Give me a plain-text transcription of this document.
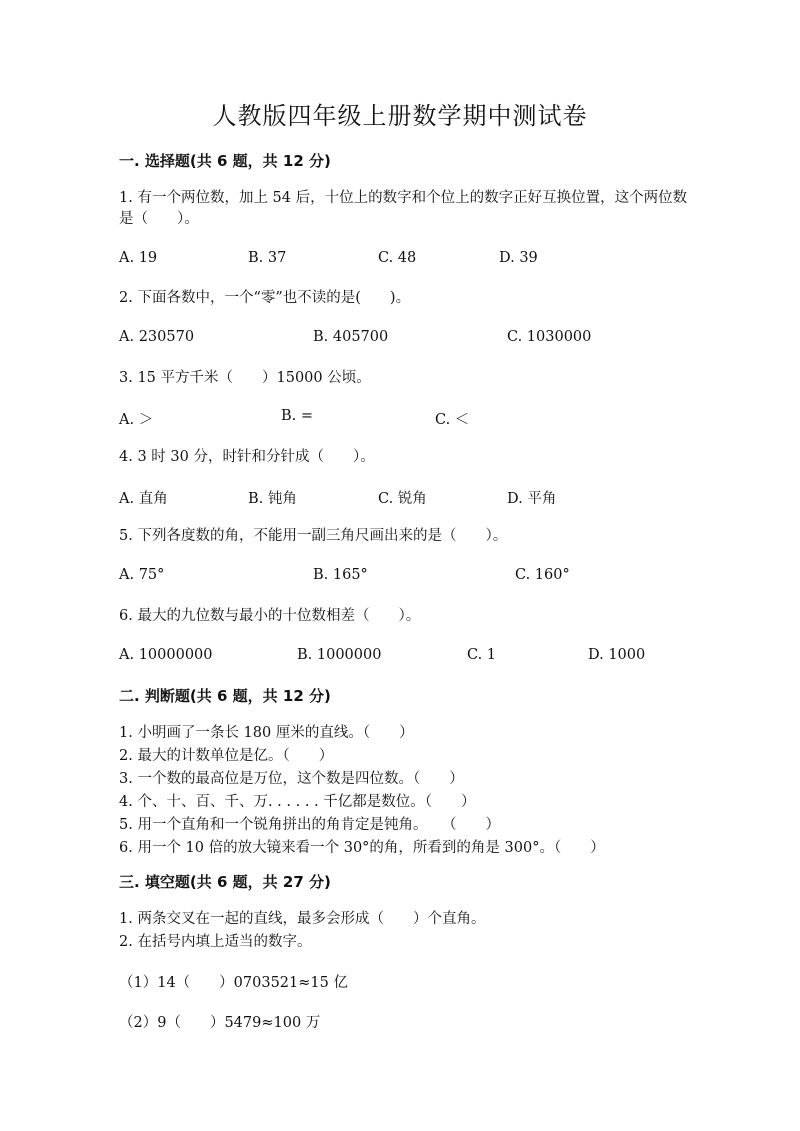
人教版四年级上册数学期中测试卷
一. 选择题(共 6 题，共 12 分)
1. 有一个两位数，加上 54 后，十位上的数字和个位上的数字正好互换位置，这个两位数是（　　）。
A. 19	B. 37	C. 48	D. 39
2. 下面各数中，一个“零”也不读的是(　　)。
A. 230570	B. 405700	C. 1030000
3. 15 平方千米（　　）15000 公顷。
A. ＞	B. =	C. ＜
4. 3 时 30 分，时针和分针成（　　）。
A. 直角	B. 钝角	C. 锐角	D. 平角
5. 下列各度数的角，不能用一副三角尺画出来的是（　　）。
A. 75°	B. 165°	C. 160°
6. 最大的九位数与最小的十位数相差（　　）。
A. 10000000	B. 1000000	C. 1	D. 1000
二. 判断题(共 6 题，共 12 分)
1. 小明画了一条长 180 厘米的直线。（　　）
2. 最大的计数单位是亿。（　　）
3. 一个数的最高位是万位，这个数是四位数。（　　）
4. 个、十、百、千、万. . . . . . 千亿都是数位。（　　）
5. 用一个直角和一个锐角拼出的角肯定是钝角。　　（　　）
6. 用一个 10 倍的放大镜来看一个 30°的角，所看到的角是 300°。（　　）
三. 填空题(共 6 题，共 27 分)
1. 两条交叉在一起的直线，最多会形成（　　）个直角。
2. 在括号内填上适当的数字。
（1）14（　　）0703521≈15 亿
（2）9（　　）5479≈100 万
